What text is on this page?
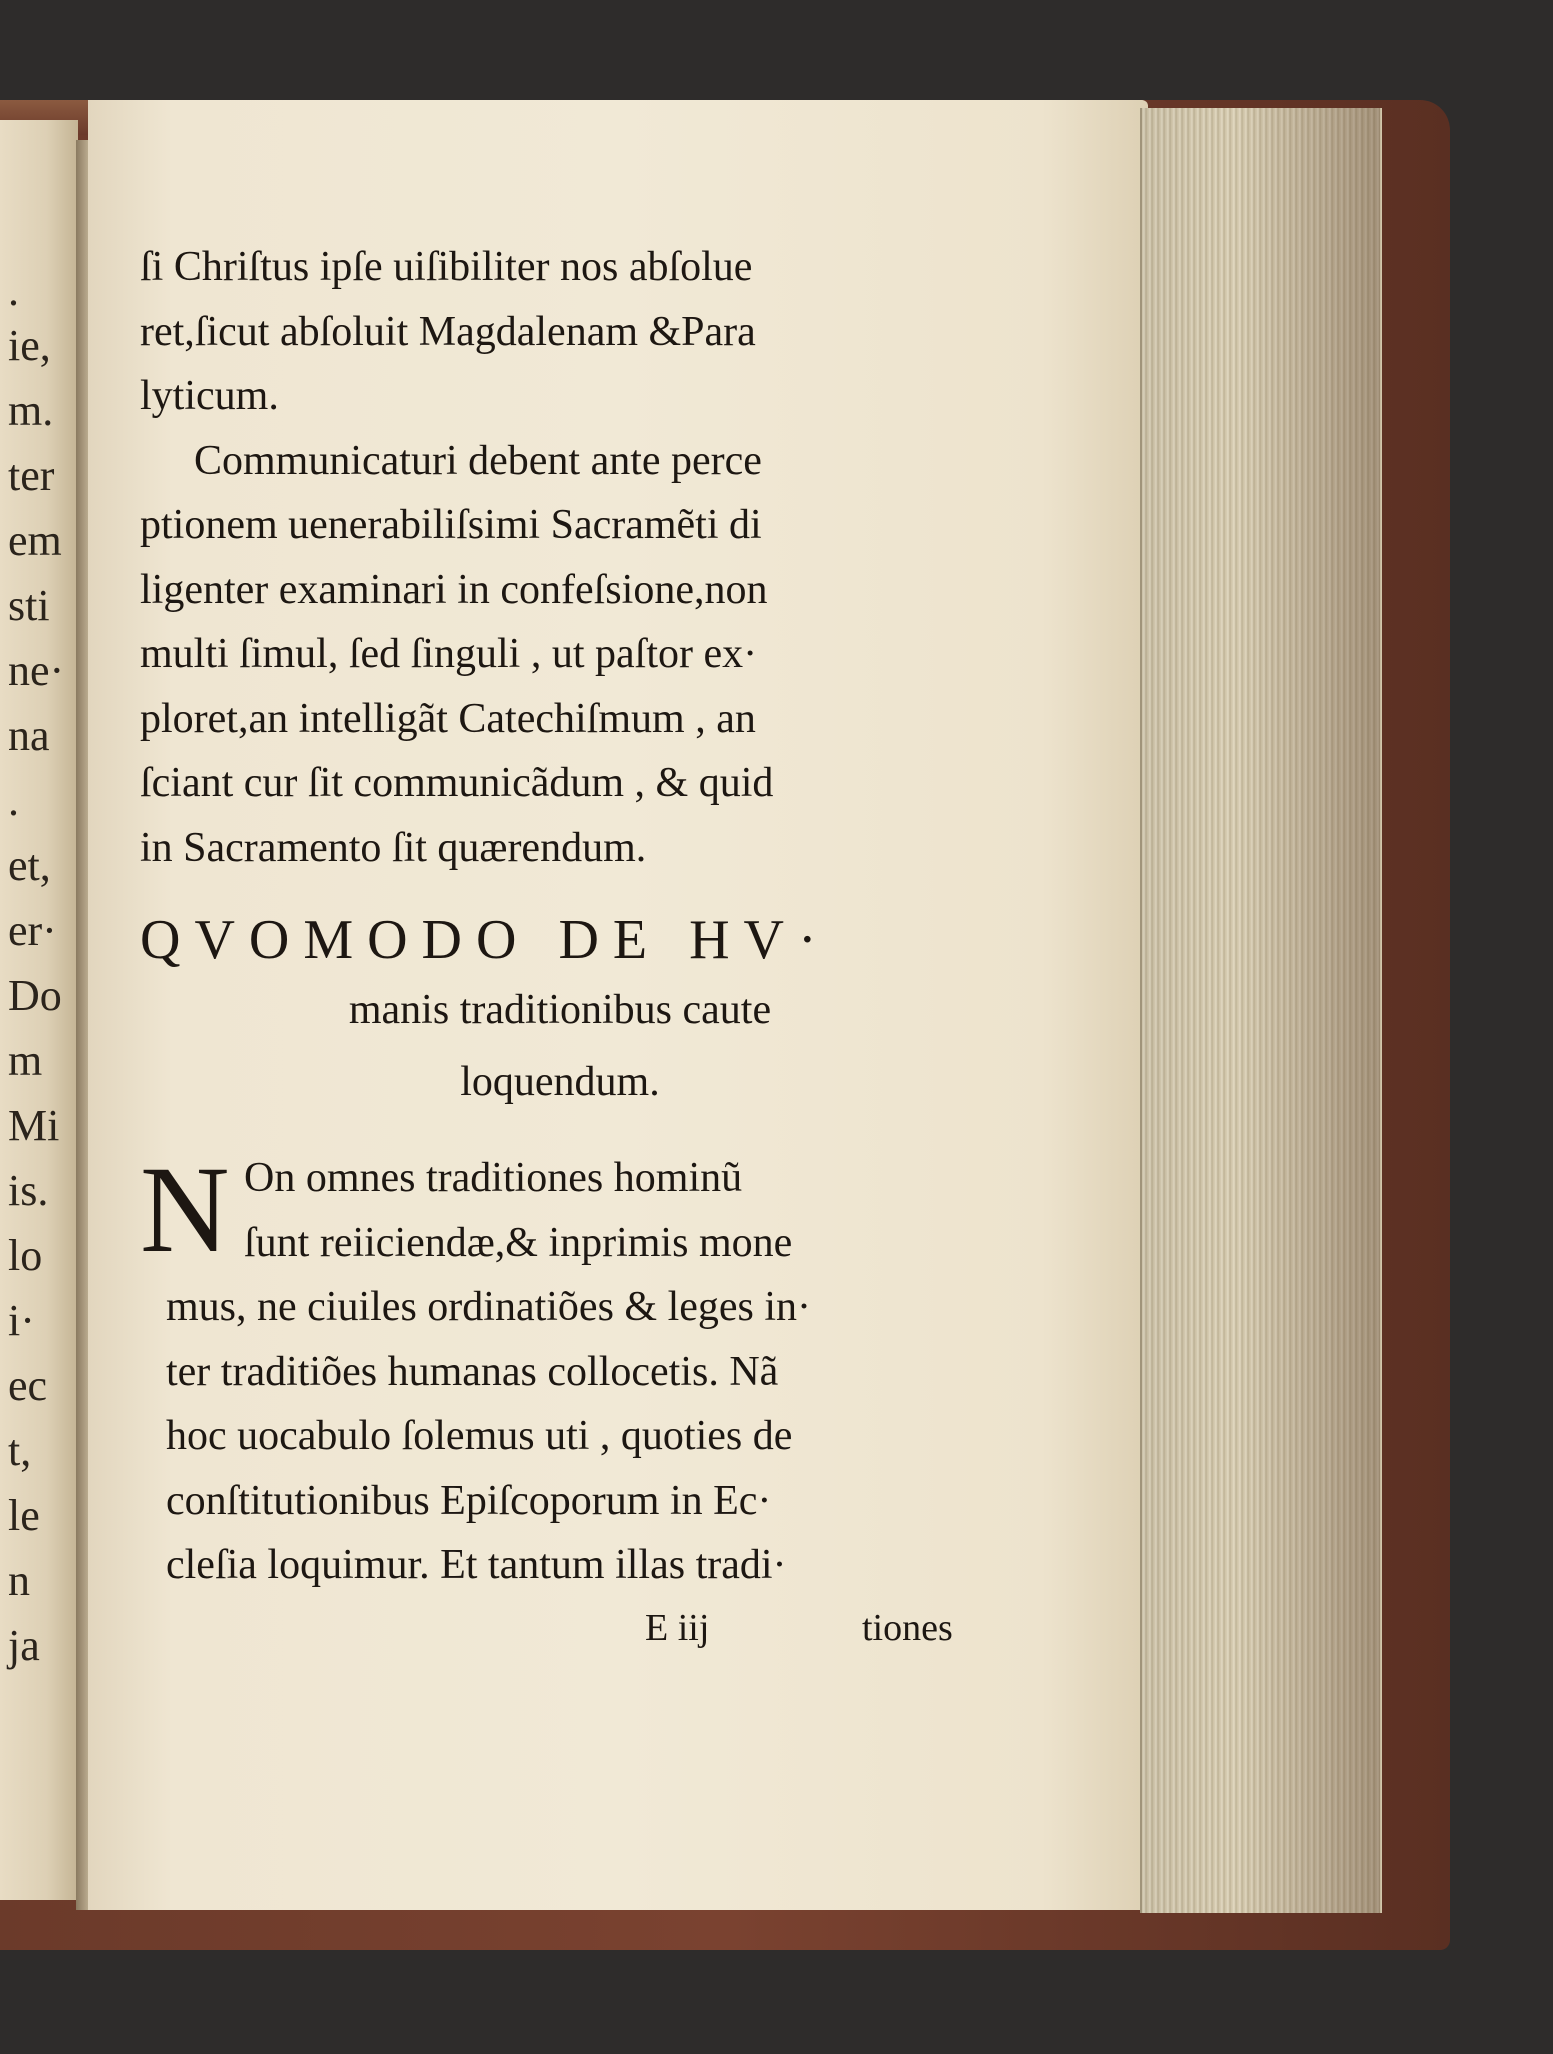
.
ie,
m.
ter
em
sti
ne·
na
.
et,
er·
Do
m
Mi
is.
lo
i·
ec
t,
le
n
ja
ſi Chriſtus ipſe uiſibiliter nos abſolue
ret,ſicut abſoluit Magdalenam &Para
lyticum.
Communicaturi debent ante perce
ptionem uenerabiliſsimi Sacramẽti di
ligenter examinari in confeſsione,non
multi ſimul, ſed ſinguli , ut paſtor ex·
ploret,an intelligãt Catechiſmum , an
ſciant cur ſit communicãdum , & quid
in Sacramento ſit quærendum.
QVOMODO DE HV·
manis traditionibus caute
loquendum.
N On omnes traditiones hominũ
ſunt reiiciendæ,& inprimis mone
mus, ne ciuiles ordinatiões & leges in·
ter traditiões humanas collocetis. Nã
hoc uocabulo ſolemus uti , quoties de
conſtitutionibus Epiſcoporum in Ec·
cleſia loquimur. Et tantum illas tradi·
E iij	tiones
